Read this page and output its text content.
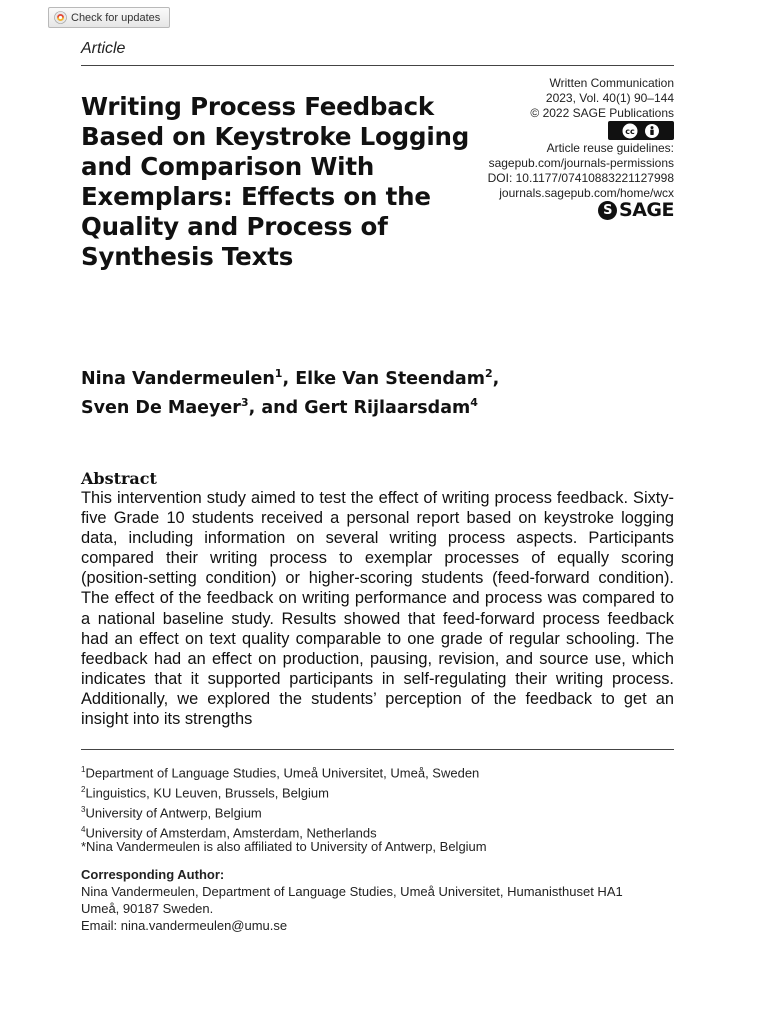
Check for updates
Article
Written Communication
2023, Vol. 40(1) 90–144
© 2022 SAGE Publications
cc
Article reuse guidelines:
sagepub.com/journals-permissions
DOI: 10.1177/07410883221127998
journals.sagepub.com/home/wcx
S SAGE
Writing Process Feedback Based on Keystroke Logging and Comparison With Exemplars: Effects on the Quality and Process of Synthesis Texts
Nina Vandermeulen$^1$, Elke Van Steendam$^2$,
Sven De Maeyer$^3$, and Gert Rijlaarsdam$^4$
Abstract

This intervention study aimed to test the effect of writing process feedback. Sixty-five Grade 10 students received a personal report based on keystroke logging data, including information on several writing process aspects. Participants compared their writing process to exemplar processes of equally scoring (position-setting condition) or higher-scoring students (feed-forward condition). The effect of the feedback on writing performance and process was compared to a national baseline study. Results showed that feed-forward process feedback had an effect on text quality comparable to one grade of regular schooling. The feedback had an effect on production, pausing, revision, and source use, which indicates that it supported participants in self-regulating their writing process. Additionally, we explored the students’ perception of the feedback to get an insight into its strengths

$^1$Department of Language Studies, Umeå Universitet, Umeå, Sweden
$^2$Linguistics, KU Leuven, Brussels, Belgium
$^3$University of Antwerp, Belgium
$^4$University of Amsterdam, Amsterdam, Netherlands
*Nina Vandermeulen is also affiliated to University of Antwerp, Belgium
Corresponding Author:
Nina Vandermeulen, Department of Language Studies, Umeå Universitet, Humanisthuset HA1
Umeå, 90187 Sweden.
Email: nina.vandermeulen@umu.se
